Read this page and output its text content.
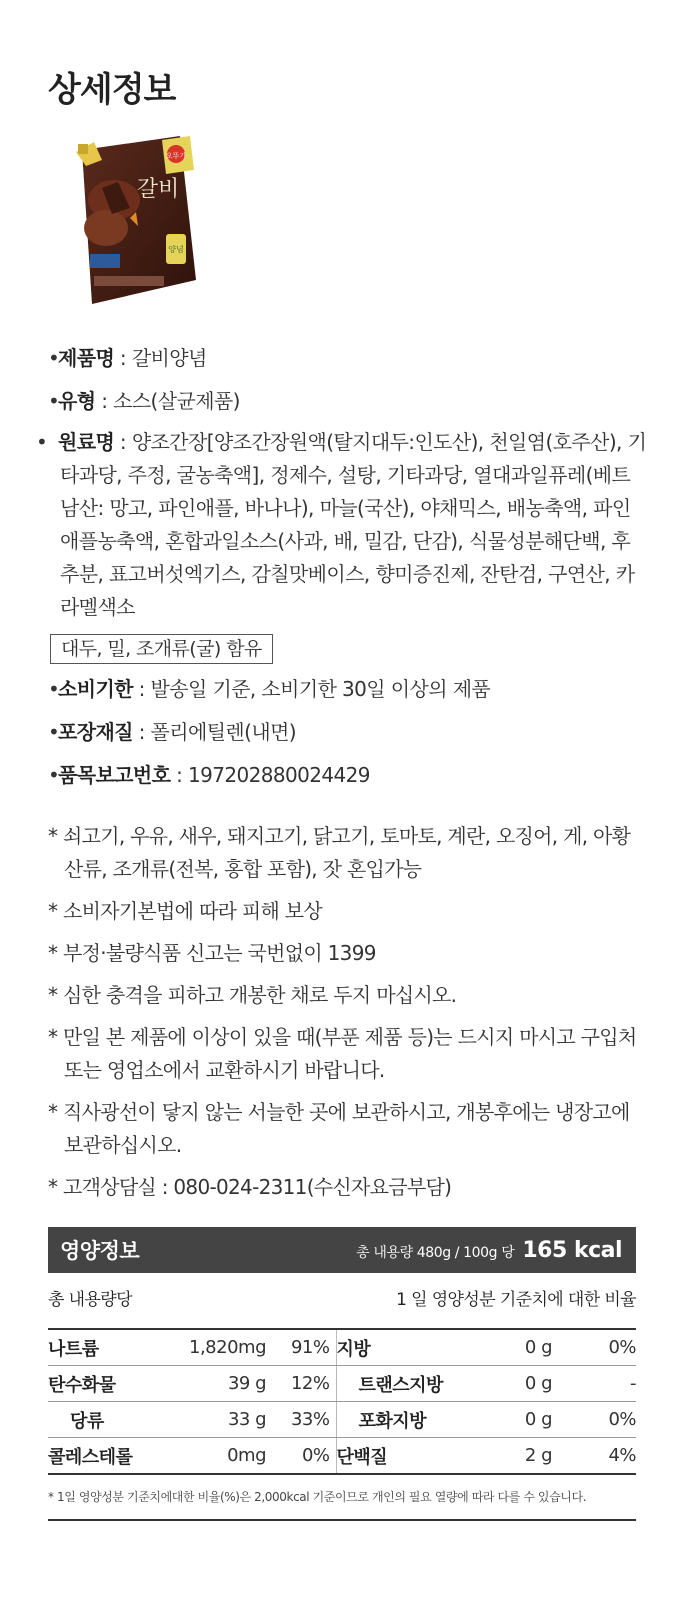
상세정보
오뚜기
갈비
양념
•제품명 : 갈비양념
•유형 : 소스(살균제품)
• 원료명 : 양조간장[양조간장원액(탈지대두:인도산), 천일염(호주산), 기타과당, 주정, 굴농축액], 정제수, 설탕, 기타과당, 열대과일퓨레(베트남산: 망고, 파인애플, 바나나), 마늘(국산), 야채믹스, 배농축액, 파인애플농축액, 혼합과일소스(사과, 배, 밀감, 단감), 식물성분해단백, 후추분, 표고버섯엑기스, 감칠맛베이스, 향미증진제, 잔탄검, 구연산, 카라멜색소
대두, 밀, 조개류(굴) 함유
•소비기한 : 발송일 기준, 소비기한 30일 이상의 제품
•포장재질 : 폴리에틸렌(내면)
•품목보고번호 : 197202880024429
* 쇠고기, 우유, 새우, 돼지고기, 닭고기, 토마토, 계란, 오징어, 게, 아황산류, 조개류(전복, 홍합 포함), 잣 혼입가능
* 소비자기본법에 따라 피해 보상
* 부정·불량식품 신고는 국번없이 1399
* 심한 충격을 피하고 개봉한 채로 두지 마십시오.
* 만일 본 제품에 이상이 있을 때(부푼 제품 등)는 드시지 마시고 구입처 또는 영업소에서 교환하시기 바랍니다.
* 직사광선이 닿지 않는 서늘한 곳에 보관하시고, 개봉후에는 냉장고에 보관하십시오.
* 고객상담실 : 080-024-2311(수신자요금부담)
영양정보	총 내용량 480g / 100g 당 165 kcal
총 내용량당	1 일 영양성분 기준치에 대한 비율
나트륨	1,820mg	91%	지방	0 g	0%
탄수화물	39 g	12%	트랜스지방	0 g	-
당류	33 g	33%	포화지방	0 g	0%
콜레스테롤	0mg	0%	단백질	2 g	4%
* 1일 영양성분 기준치에대한 비율(%)은 2,000kcal 기준이므로 개인의 필요 열량에 따라 다를 수 있습니다.
